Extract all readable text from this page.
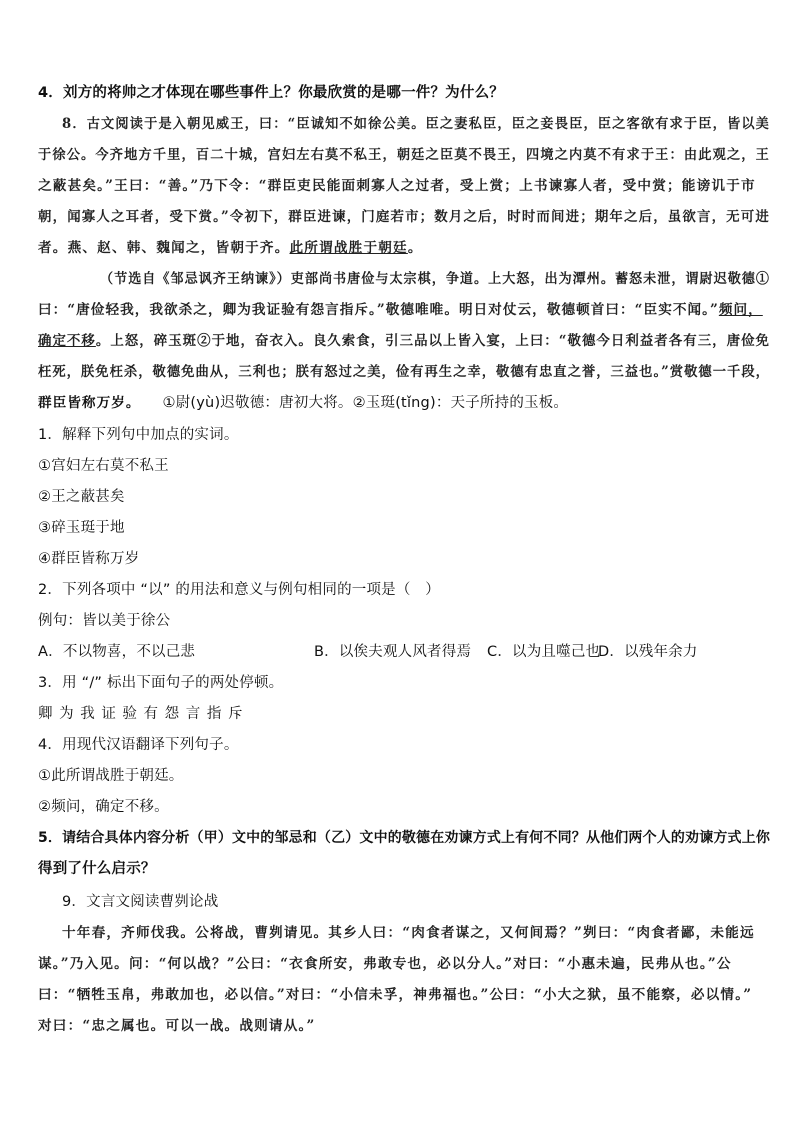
4．刘方的将帅之才体现在哪些事件上？你最欣赏的是哪一件？为什么？
8．古文阅读于是入朝见威王，曰：“臣诚知不如徐公美。臣之妻私臣，臣之妾畏臣，臣之客欲有求于臣，皆以美
于徐公。今齐地方千里，百二十城，宫妇左右莫不私王，朝廷之臣莫不畏王，四境之内莫不有求于王：由此观之，王
之蔽甚矣。”王曰：“善。”乃下令：“群臣吏民能面刺寡人之过者，受上赏；上书谏寡人者，受中赏；能谤讥于市
朝，闻寡人之耳者，受下赏。”令初下，群臣进谏，门庭若市；数月之后，时时而间进；期年之后，虽欲言，无可进
者。燕、赵、韩、魏闻之，皆朝于齐。此所谓战胜于朝廷。
（节选自《邹忌讽齐王纳谏》）吏部尚书唐俭与太宗棋，争道。上大怒，出为潭州。蓄怒未泄，谓尉迟敬德①
曰：“唐俭轻我，我欲杀之，卿为我证验有怨言指斥。”敬德唯唯。明日对仗云，敬德顿首曰：“臣实不闻。”频问，
确定不移。上怒，碎玉斑②于地，奋衣入。良久索食，引三品以上皆入宴，上曰：“敬德今日利益者各有三，唐俭免
枉死，朕免枉杀，敬德免曲从，三利也；朕有怒过之美，俭有再生之幸，敬德有忠直之誉，三益也。”赏敬德一千段，
群臣皆称万岁。 ①尉(yù)迟敬德：唐初大将。②玉珽(tǐng)：天子所持的玉板。
1．解释下列句中加点的实词。
①宫妇左右莫不私王
②王之蔽甚矣
③碎玉珽于地
④群臣皆称万岁
2．下列各项中 “以” 的用法和意义与例句相同的一项是（　）
例句：皆以美于徐公
A．不以物喜，不以己悲	B．以俟夫观人风者得焉 C．以为且噬己也
D．以残年余力
3．用 “/” 标出下面句子的两处停顿。
卿 为 我 证 验 有 怨 言 指 斥
4．用现代汉语翻译下列句子。
①此所谓战胜于朝廷。
②频问，确定不移。
5．请结合具体内容分析（甲）文中的邹忌和（乙）文中的敬德在劝谏方式上有何不同？从他们两个人的劝谏方式上你
得到了什么启示？
9．文言文阅读曹刿论战
十年春，齐师伐我。公将战，曹刿请见。其乡人曰：“肉食者谋之，又何间焉？”刿曰：“肉食者鄙，未能远
谋。”乃入见。问：“何以战？”公曰：“衣食所安，弗敢专也，必以分人。”对曰：“小惠未遍，民弗从也。”公
曰：“牺牲玉帛，弗敢加也，必以信。”对曰：“小信未孚，神弗福也。”公曰：“小大之狱，虽不能察，必以情。”
对曰：“忠之属也。可以一战。战则请从。”
